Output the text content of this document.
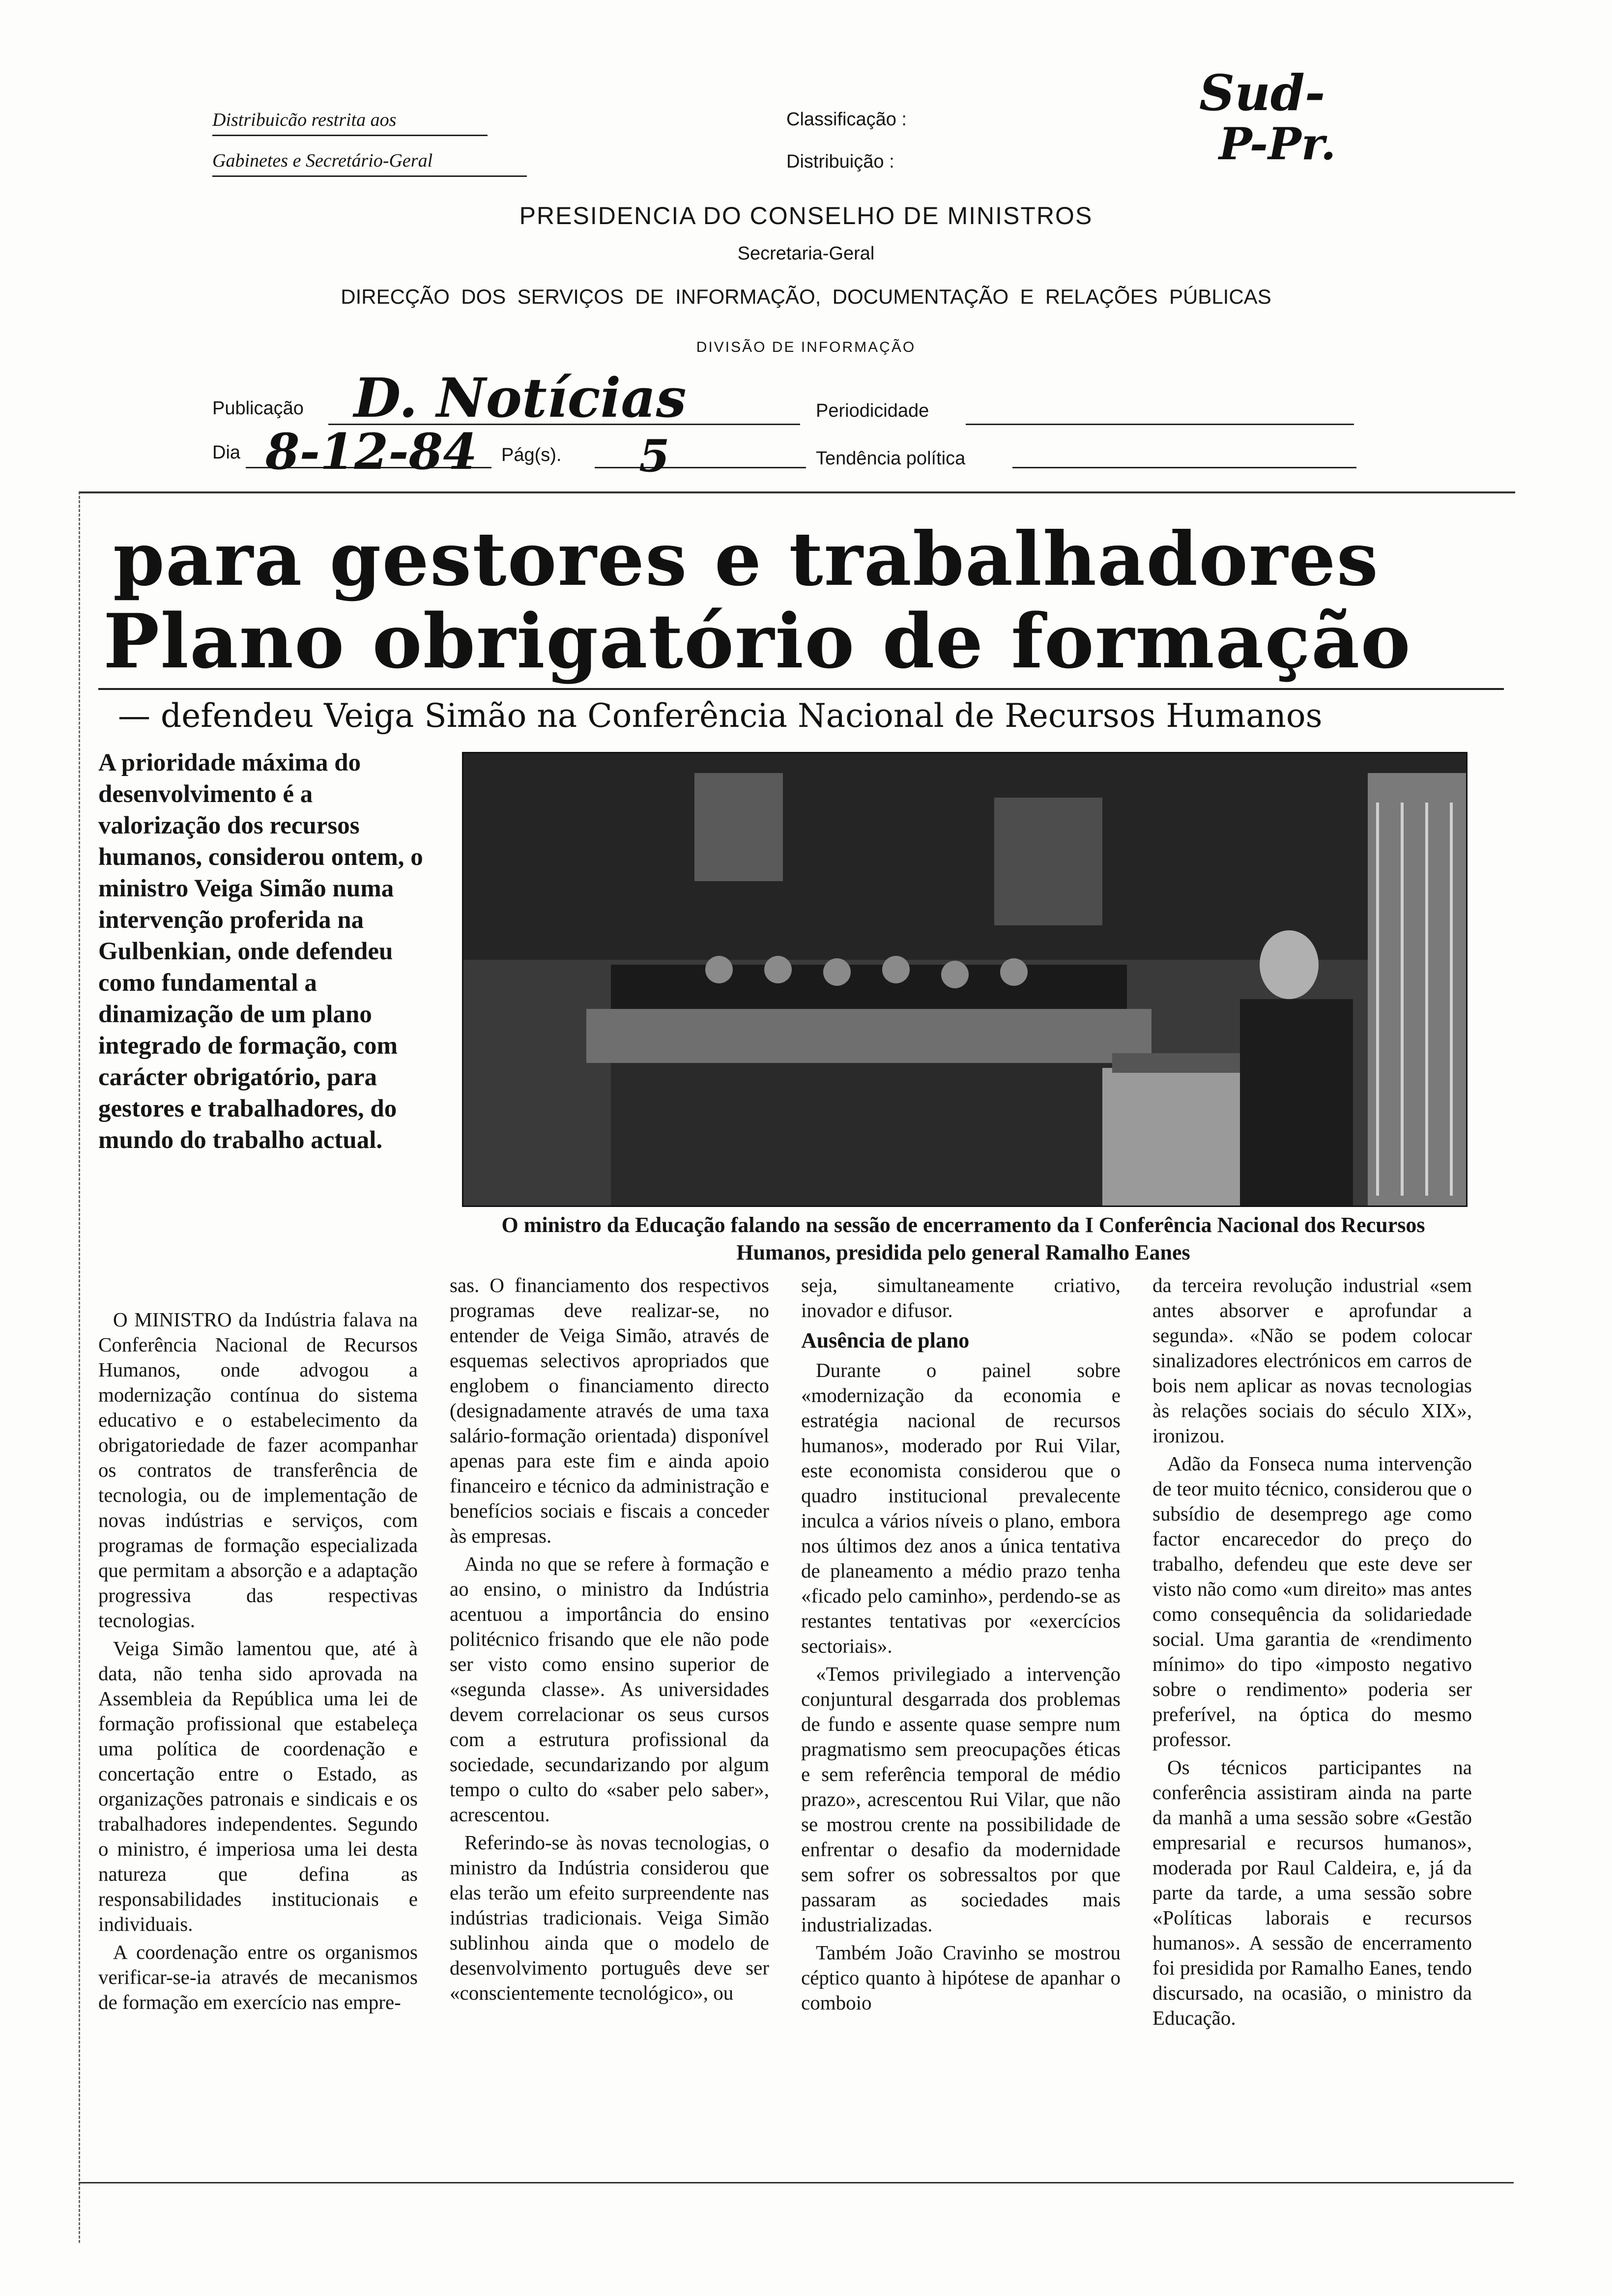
Distribuicão restrita aos
Gabinetes e Secretário-Geral
Classificação :
Distribuição :
Sud-
P-Pr.
PRESIDENCIA DO CONSELHO DE MINISTROS
Secretaria-Geral
DIRECÇÃO  DOS  SERVIÇOS  DE  INFORMAÇÃO,  DOCUMENTAÇÃO  E  RELAÇÕES  PÚBLICAS
DIVISÃO DE INFORMAÇÃO
Publicação D. Notícias	Periodicidade
Dia 8-12-84 Pág(s). 5	Tendência política
para gestores e trabalhadores
Plano obrigatório de formação
— defendeu Veiga Simão na Conferência Nacional de Recursos Humanos
A prioridade máxima do desenvolvimento é a valorização dos recursos humanos, considerou ontem, o ministro Veiga Simão numa intervenção proferida na Gulbenkian, onde defendeu como fundamental a dinamização de um plano integrado de formação, com carácter obrigatório, para gestores e trabalhadores, do mundo do trabalho actual.
O ministro da Educação falando na sessão de encerramento da I Conferência Nacional dos Recursos Humanos, presidida pelo general Ramalho Eanes

O MINISTRO da Indústria falava na Conferência Nacional de Recursos Humanos, onde advogou a modernização contínua do sistema educativo e o estabelecimento da obrigatoriedade de fazer acompanhar os contratos de transferência de tecnologia, ou de implementação de novas indústrias e serviços, com programas de formação especializada que permitam a absorção e a adaptação progressiva das respectivas tecnologias.

Veiga Simão lamentou que, até à data, não tenha sido aprovada na Assembleia da República uma lei de formação profissional que estabeleça uma política de coordenação e concertação entre o Estado, as organizações patronais e sindicais e os trabalhadores independentes. Segundo o ministro, é imperiosa uma lei desta natureza que defina as responsabilidades institucionais e individuais.

A coordenação entre os organismos verificar-se-ia através de mecanismos de formação em exercício nas empre-

sas. O financiamento dos respectivos programas deve realizar-se, no entender de Veiga Simão, através de esquemas selectivos apropriados que englobem o financiamento directo (designadamente através de uma taxa salário-formação orientada) disponível apenas para este fim e ainda apoio financeiro e técnico da administração e benefícios sociais e fiscais a conceder às empresas.

Ainda no que se refere à formação e ao ensino, o ministro da Indústria acentuou a importância do ensino politécnico frisando que ele não pode ser visto como ensino superior de «segunda classe». As universidades devem correlacionar os seus cursos com a estrutura profissional da sociedade, secundarizando por algum tempo o culto do «saber pelo saber», acrescentou.

Referindo-se às novas tecnologias, o ministro da Indústria considerou que elas terão um efeito surpreendente nas indústrias tradicionais. Veiga Simão sublinhou ainda que o modelo de desenvolvimento português deve ser «conscientemente tecnológico», ou

seja, simultaneamente criativo, inovador e difusor.

Ausência de plano

Durante o painel sobre «modernização da economia e estratégia nacional de recursos humanos», moderado por Rui Vilar, este economista considerou que o quadro institucional prevalecente inculca a vários níveis o plano, embora nos últimos dez anos a única tentativa de planeamento a médio prazo tenha «ficado pelo caminho», perdendo-se as restantes tentativas por «exercícios sectoriais».

«Temos privilegiado a intervenção conjuntural desgarrada dos problemas de fundo e assente quase sempre num pragmatismo sem preocupações éticas e sem referência temporal de médio prazo», acrescentou Rui Vilar, que não se mostrou crente na possibilidade de enfrentar o desafio da modernidade sem sofrer os sobressaltos por que passaram as sociedades mais industrializadas.

Também João Cravinho se mostrou céptico quanto à hipótese de apanhar o comboio

da terceira revolução industrial «sem antes absorver e aprofundar a segunda». «Não se podem colocar sinalizadores electrónicos em carros de bois nem aplicar as novas tecnologias às relações sociais do século XIX», ironizou.

Adão da Fonseca numa intervenção de teor muito técnico, considerou que o subsídio de desemprego age como factor encarecedor do preço do trabalho, defendeu que este deve ser visto não como «um direito» mas antes como consequência da solidariedade social. Uma garantia de «rendimento mínimo» do tipo «imposto negativo sobre o rendimento» poderia ser preferível, na óptica do mesmo professor.

Os técnicos participantes na conferência assistiram ainda na parte da manhã a uma sessão sobre «Gestão empresarial e recursos humanos», moderada por Raul Caldeira, e, já da parte da tarde, a uma sessão sobre «Políticas laborais e recursos humanos». A sessão de encerramento foi presidida por Ramalho Eanes, tendo discursado, na ocasião, o ministro da Educação.
